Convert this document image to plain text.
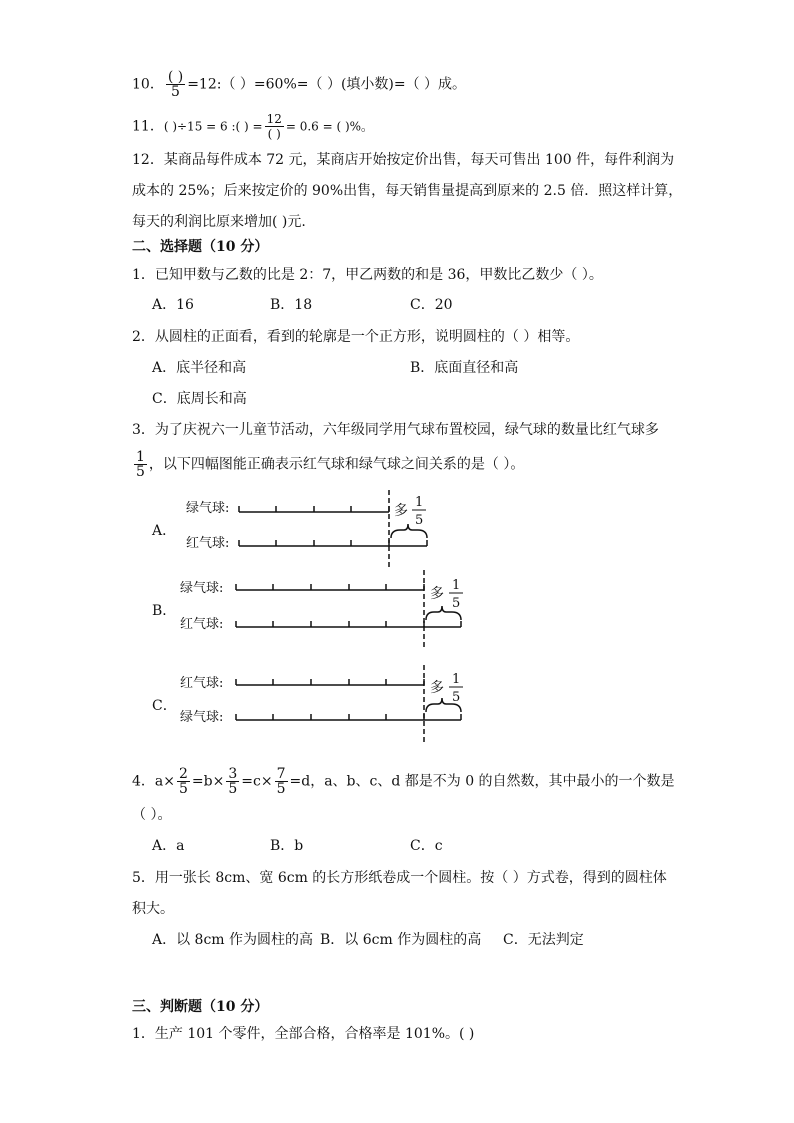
10． $\frac{( )}{5}$ =12:（ ）=60%=（ ）(填小数)=（ ）成。
11．( )÷15 = 6 :( ) = $\frac{12}{( )} = 0.6$ = ( )%。
12．某商品每件成本 72 元，某商店开始按定价出售，每天可售出 100 件，每件利润为
成本的 25%；后来按定价的 90%出售，每天销售量提高到原来的 2.5 倍．照这样计算，
每天的利润比原来增加( )元.
二、选择题（10 分）
1．已知甲数与乙数的比是 2：7，甲乙两数的和是 36，甲数比乙数少（ ）。
A．16	B．18	C．20
2．从圆柱的正面看，看到的轮廓是一个正方形，说明圆柱的（ ）相等。
A．底半径和高	B．底面直径和高
C．底周长和高
3．为了庆祝六一儿童节活动，六年级同学用气球布置校园，绿气球的数量比红气球多
$\frac{1}{5}$ ，以下四幅图能正确表示红气球和绿气球之间关系的是（ ）。
A．
绿气球:
红气球:
多
1
5
B．
绿气球:
红气球:
多
1
5
C．
红气球:
绿气球:
多
1
5
4．$a\times \frac{2}{5} =b\times \frac{3}{5} =c\times \frac{7}{5} =d$，a、b、c、d 都是不为 0 的自然数，其中最小的一个数是
（ ）。
A．a	B．b	C．c
5．用一张长 8cm、宽 6cm 的长方形纸卷成一个圆柱。按（ ）方式卷，得到的圆柱体
积大。
A．以 8cm 作为圆柱的高 B．以 6cm 作为圆柱的高 C．无法判定
三、判断题（10 分）
1．生产 101 个零件，全部合格，合格率是 101%。( )
